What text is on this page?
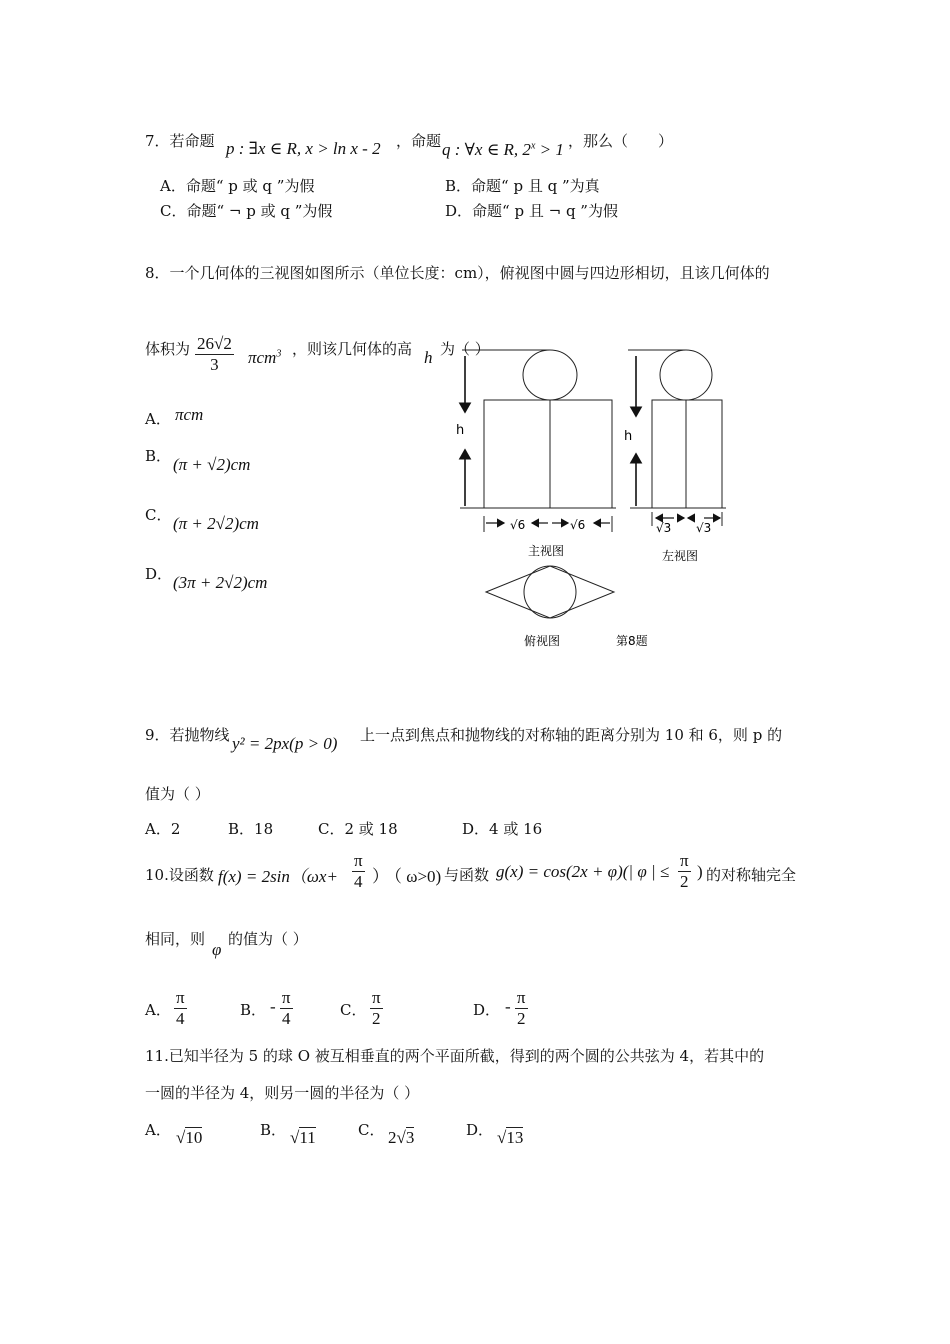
7．若命题 p : ∃x ∈ R, x > ln x - 2 ，命题 q : ∀x ∈ R, $2^x > 1$ ，那么（　　）
A．命题“ p 或 q ”为假	B．命题“ p 且 q ”为真
C．命题“ ¬ p 或 q ”为假	D．命题“ p 且 ¬ q ”为假
8．一个几何体的三视图如图所示（单位长度：cm），俯视图中圆与四边形相切，且该几何体的
体积为 $\frac{26√2}{3} \pi cm^3$ ，则该几何体的高 h 为（ ）
A． πcm
B． (π + √2)cm
C． (π + 2√2)cm
D． (3π + 2√2)cm
h
√6	√6
主视图
h
√3 √3
左视图
俯视图	第8题
9．若抛物线 y² = 2px(p > 0) 上一点到焦点和抛物线的对称轴的距离分别为 10 和 6，则 p 的
值为（ ）
A．2	B．18	C．2 或 18	D．4 或 16
10.设函数 $f(x) = 2\sin(\omega x+ \frac{\pi}{4}$ ）
（ ω>0) 与函数 g(x) = cos(2x + φ)(| φ | ≤ $\frac{\pi}{2}$ ) 的对称轴完全
相同，则
φ
的值为（ ）
A． $\frac{\pi}{4}$	B． - $\frac{\pi}{4}$	C． $\frac{\pi}{2}$	D． - $\frac{\pi}{2}$
11.已知半径为 5 的球 O 被互相垂直的两个平面所截，得到的两个圆的公共弦为 4，若其中的
一圆的半径为 4，则另一圆的半径为（ ）
A． √10	B． √11	C． 2√3	D． √13
